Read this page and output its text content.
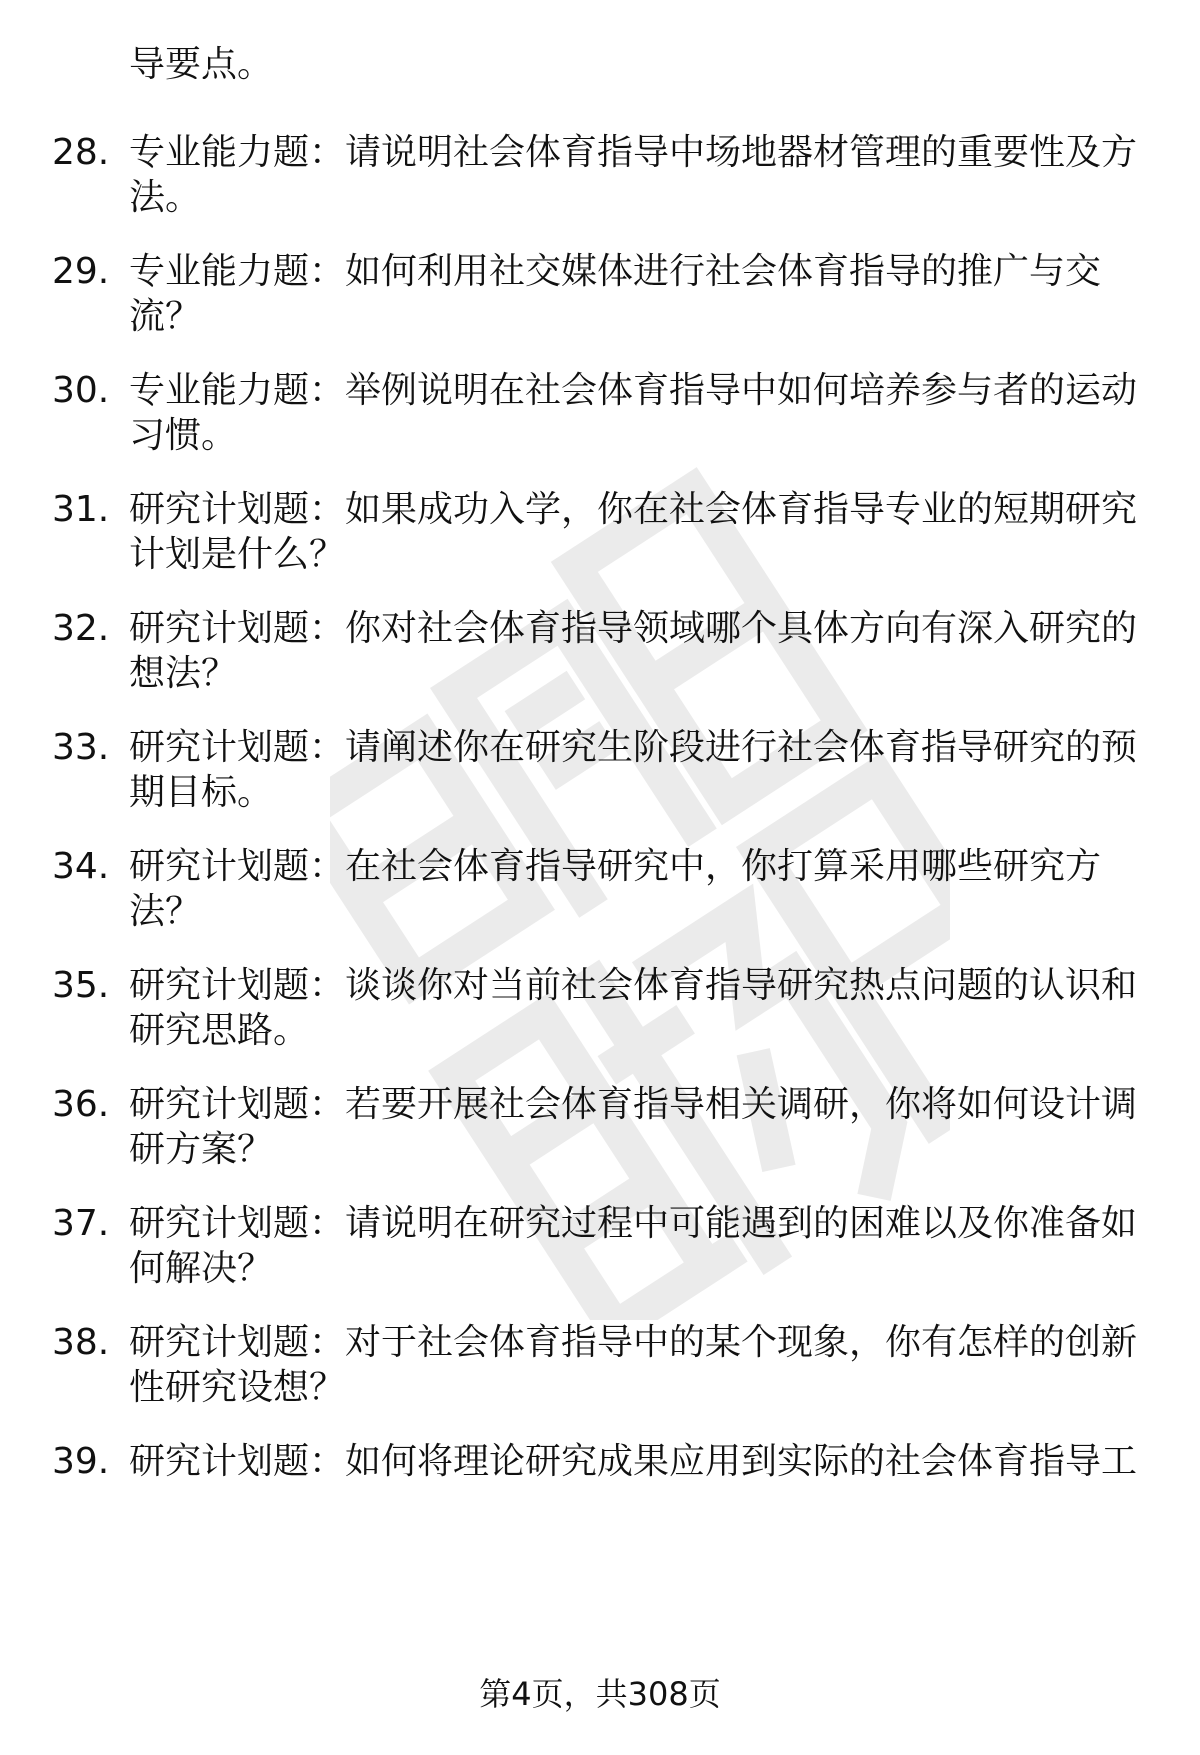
导要点。
28. 专业能力题：请说明社会体育指导中场地器材管理的重要性及方
法。
29. 专业能力题：如何利用社交媒体进行社会体育指导的推广与交
流？
30. 专业能力题：举例说明在社会体育指导中如何培养参与者的运动
习惯。
31. 研究计划题：如果成功入学，你在社会体育指导专业的短期研究
计划是什么？
32. 研究计划题：你对社会体育指导领域哪个具体方向有深入研究的
想法？
33. 研究计划题：请阐述你在研究生阶段进行社会体育指导研究的预
期目标。
34. 研究计划题：在社会体育指导研究中，你打算采用哪些研究方
法？
35. 研究计划题：谈谈你对当前社会体育指导研究热点问题的认识和
研究思路。
36. 研究计划题：若要开展社会体育指导相关调研，你将如何设计调
研方案？
37. 研究计划题：请说明在研究过程中可能遇到的困难以及你准备如
何解决？
38. 研究计划题：对于社会体育指导中的某个现象，你有怎样的创新
性研究设想？
39. 研究计划题：如何将理论研究成果应用到实际的社会体育指导工
第4页，共308页
